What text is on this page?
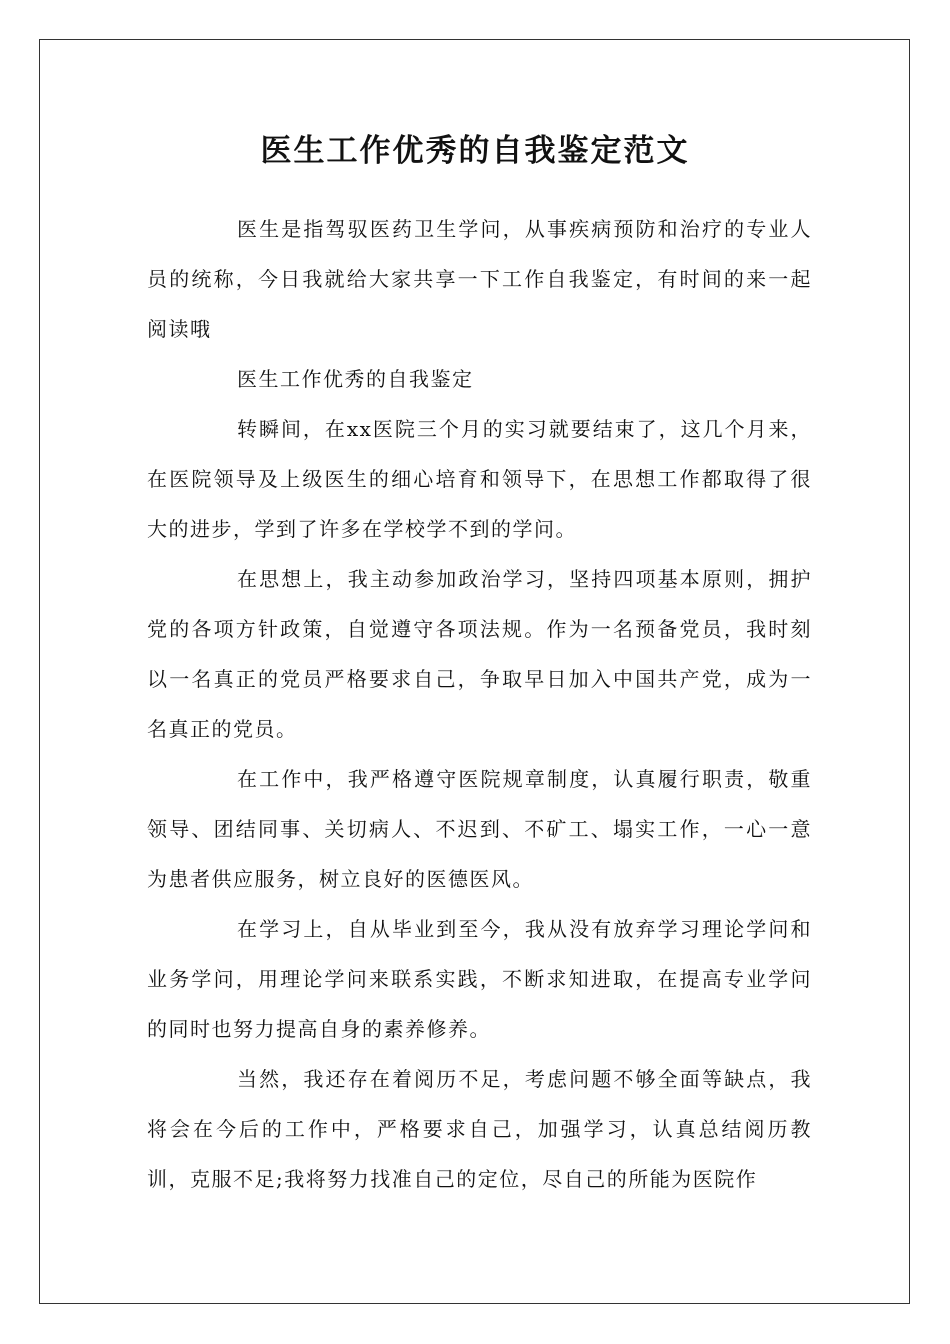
医生工作优秀的自我鉴定范文

医生是指驾驭医药卫生学问，从事疾病预防和治疗的专业人员的统称，今日我就给大家共享一下工作自我鉴定，有时间的来一起阅读哦

医生工作优秀的自我鉴定

转瞬间，在xx医院三个月的实习就要结束了，这几个月来，在医院领导及上级医生的细心培育和领导下，在思想工作都取得了很大的进步，学到了许多在学校学不到的学问。

在思想上，我主动参加政治学习，坚持四项基本原则，拥护党的各项方针政策，自觉遵守各项法规。作为一名预备党员，我时刻以一名真正的党员严格要求自己，争取早日加入中国共产党，成为一名真正的党员。

在工作中，我严格遵守医院规章制度，认真履行职责，敬重领导、团结同事、关切病人、不迟到、不矿工、塌实工作，一心一意为患者供应服务，树立良好的医德医风。

在学习上，自从毕业到至今，我从没有放弃学习理论学问和业务学问，用理论学问来联系实践，不断求知进取，在提高专业学问的同时也努力提高自身的素养修养。

当然，我还存在着阅历不足，考虑问题不够全面等缺点，我将会在今后的工作中，严格要求自己，加强学习，认真总结阅历教训，克服不足;我将努力找准自己的定位，尽自己的所能为医院作
